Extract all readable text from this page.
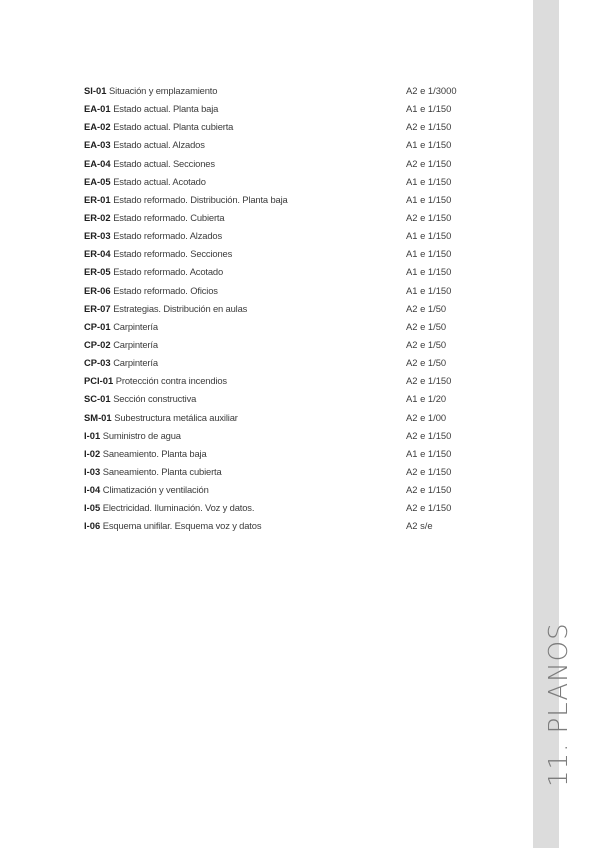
11. PLANOS
SI-01 Situación y emplazamiento	A2 e 1/3000
EA-01 Estado actual. Planta baja	A1 e 1/150
EA-02 Estado actual. Planta cubierta	A2 e 1/150
EA-03 Estado actual. Alzados	A1 e 1/150
EA-04 Estado actual. Secciones	A2 e 1/150
EA-05 Estado actual. Acotado	A1 e 1/150
ER-01 Estado reformado. Distribución. Planta baja	A1 e 1/150
ER-02 Estado reformado. Cubierta	A2 e 1/150
ER-03 Estado reformado. Alzados	A1 e 1/150
ER-04 Estado reformado. Secciones	A1 e 1/150
ER-05 Estado reformado. Acotado	A1 e 1/150
ER-06 Estado reformado. Oficios	A1 e 1/150
ER-07 Estrategias. Distribución en aulas	A2 e 1/50
CP-01 Carpintería	A2 e 1/50
CP-02 Carpintería	A2 e 1/50
CP-03 Carpintería	A2 e 1/50
PCI-01 Protección contra incendios	A2 e 1/150
SC-01 Sección constructiva	A1 e 1/20
SM-01 Subestructura metálica auxiliar	A2 e 1/00
I-01 Suministro de agua	A2 e 1/150
I-02 Saneamiento. Planta baja	A1 e 1/150
I-03 Saneamiento. Planta cubierta	A2 e 1/150
I-04 Climatización y ventilación	A2 e 1/150
I-05 Electricidad. Iluminación. Voz y datos.	A2 e 1/150
I-06 Esquema unifilar. Esquema voz y datos	A2 s/e
